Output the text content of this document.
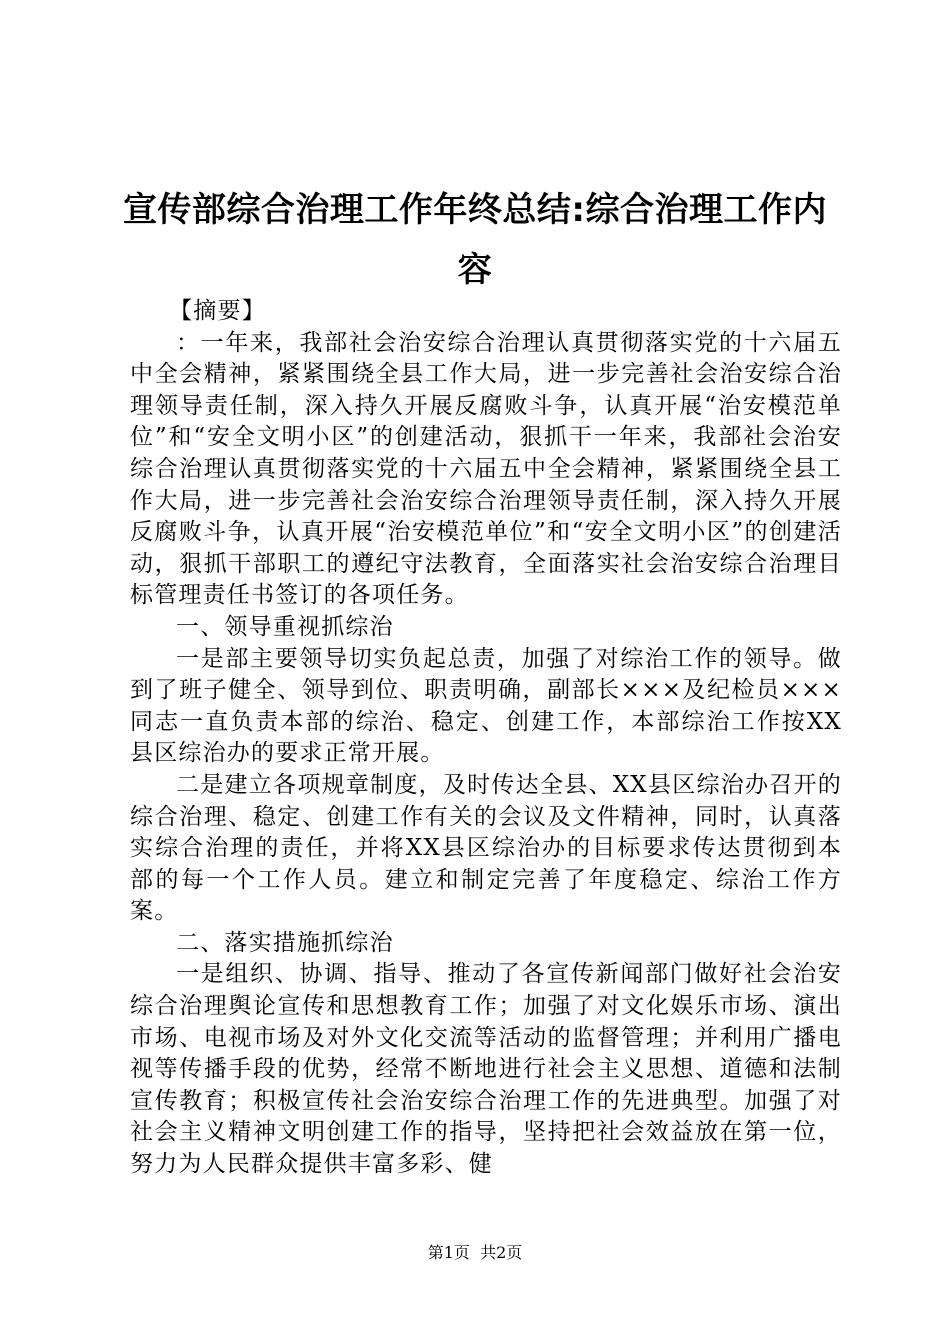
宣传部综合治理工作年终总结:综合治理工作内容

【摘要】

：一年来，我部社会治安综合治理认真贯彻落实党的十六届五中全会精神，紧紧围绕全县工作大局，进一步完善社会治安综合治理领导责任制，深入持久开展反腐败斗争，认真开展“治安模范单位”和“安全文明小区”的创建活动，狠抓干一年来，我部社会治安综合治理认真贯彻落实党的十六届五中全会精神，紧紧围绕全县工作大局，进一步完善社会治安综合治理领导责任制，深入持久开展反腐败斗争，认真开展“治安模范单位”和“安全文明小区”的创建活动，狠抓干部职工的遵纪守法教育，全面落实社会治安综合治理目标管理责任书签订的各项任务。

一、领导重视抓综治

一是部主要领导切实负起总责，加强了对综治工作的领导。做到了班子健全、领导到位、职责明确，副部长×××及纪检员×××同志一直负责本部的综治、稳定、创建工作，本部综治工作按XX县区综治办的要求正常开展。

二是建立各项规章制度，及时传达全县、XX县区综治办召开的综合治理、稳定、创建工作有关的会议及文件精神，同时，认真落实综合治理的责任，并将XX县区综治办的目标要求传达贯彻到本部的每一个工作人员。建立和制定完善了年度稳定、综治工作方案。

二、落实措施抓综治

一是组织、协调、指导、推动了各宣传新闻部门做好社会治安综合治理舆论宣传和思想教育工作；加强了对文化娱乐市场、演出市场、电视市场及对外文化交流等活动的监督管理；并利用广播电视等传播手段的优势，经常不断地进行社会主义思想、道德和法制宣传教育；积极宣传社会治安综合治理工作的先进典型。加强了对社会主义精神文明创建工作的指导，坚持把社会效益放在第一位，努力为人民群众提供丰富多彩、健

第1页  共2页
